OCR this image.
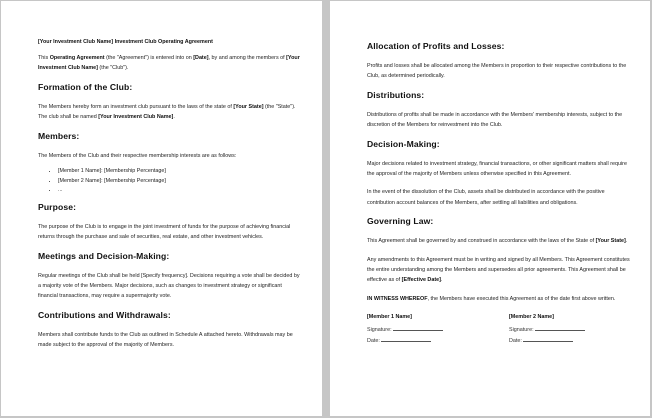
[Your Investment Club Name] Investment Club Operating Agreement

This Operating Agreement (the "Agreement") is entered into on [Date], by and among the members of [Your Investment Club Name] (the "Club").

Formation of the Club:

The Members hereby form an investment club pursuant to the laws of the state of [Your State] (the "State"). The club shall be named [Your Investment Club Name].

Members:

The Members of the Club and their respective membership interests are as follows:

• [Member 1 Name]: [Membership Percentage]
• [Member 2 Name]: [Membership Percentage]
• ...
Purpose:

The purpose of the Club is to engage in the joint investment of funds for the purpose of achieving financial returns through the purchase and sale of securities, real estate, and other investment vehicles.

Meetings and Decision-Making:

Regular meetings of the Club shall be held [Specify frequency]. Decisions requiring a vote shall be decided by a majority vote of the Members. Major decisions, such as changes to investment strategy or significant financial transactions, may require a supermajority vote.

Contributions and Withdrawals:

Members shall contribute funds to the Club as outlined in Schedule A attached hereto. Withdrawals may be made subject to the approval of the majority of Members.

Allocation of Profits and Losses:

Profits and losses shall be allocated among the Members in proportion to their respective contributions to the Club, as determined periodically.

Distributions:

Distributions of profits shall be made in accordance with the Members' membership interests, subject to the discretion of the Members for reinvestment into the Club.

Decision-Making:

Major decisions related to investment strategy, financial transactions, or other significant matters shall require the approval of the majority of Members unless otherwise specified in this Agreement.

In the event of the dissolution of the Club, assets shall be distributed in accordance with the positive contribution account balances of the Members, after settling all liabilities and obligations.

Governing Law:

This Agreement shall be governed by and construed in accordance with the laws of the State of [Your State].

Any amendments to this Agreement must be in writing and signed by all Members. This Agreement constitutes the entire understanding among the Members and supersedes all prior agreements. This Agreement shall be effective as of [Effective Date].

IN WITNESS WHEREOF, the Members have executed this Agreement as of the date first above written.

[Member 1 Name]
Signature:
Date:
[Member 2 Name]
Signature:
Date:
